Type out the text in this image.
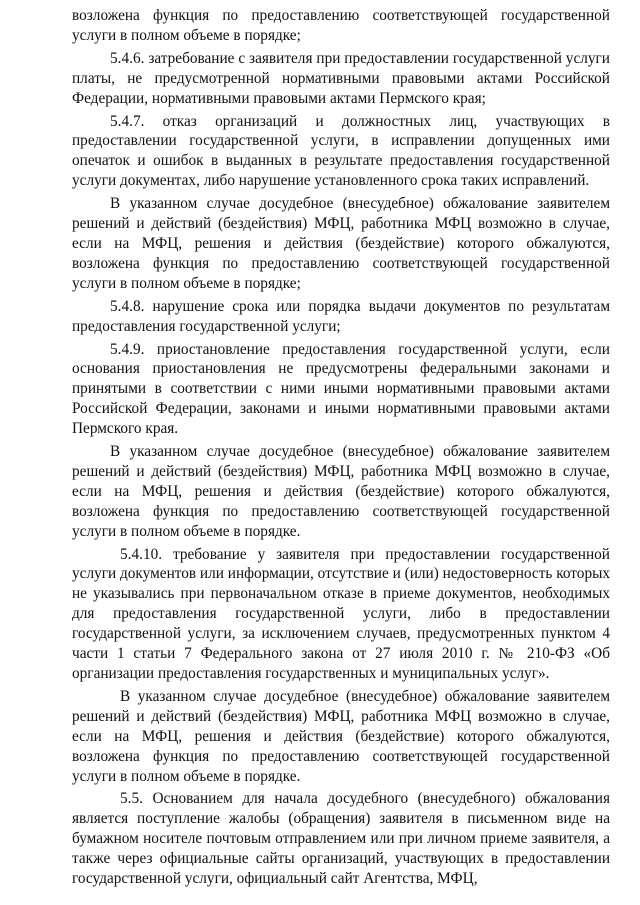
возложена функция по предоставлению соответствующей государственной услуги в полном объеме в порядке;

5.4.6. затребование с заявителя при предоставлении государственной услуги платы, не предусмотренной нормативными правовыми актами Российской Федерации, нормативными правовыми актами Пермского края;

5.4.7. отказ организаций и должностных лиц, участвующих в предоставлении государственной услуги, в исправлении допущенных ими опечаток и ошибок в выданных в результате предоставления государственной услуги документах, либо нарушение установленного срока таких исправлений.

В указанном случае досудебное (внесудебное) обжалование заявителем решений и действий (бездействия) МФЦ, работника МФЦ возможно в случае, если на МФЦ, решения и действия (бездействие) которого обжалуются, возложена функция по предоставлению соответствующей государственной услуги в полном объеме в порядке;

5.4.8. нарушение срока или порядка выдачи документов по результатам предоставления государственной услуги;

5.4.9. приостановление предоставления государственной услуги, если основания приостановления не предусмотрены федеральными законами и принятыми в соответствии с ними иными нормативными правовыми актами Российской Федерации, законами и иными нормативными правовыми актами Пермского края.

В указанном случае досудебное (внесудебное) обжалование заявителем решений и действий (бездействия) МФЦ, работника МФЦ возможно в случае, если на МФЦ, решения и действия (бездействие) которого обжалуются, возложена функция по предоставлению соответствующей государственной услуги в полном объеме в порядке.

5.4.10. требование у заявителя при предоставлении государственной услуги документов или информации, отсутствие и (или) недостоверность которых не указывались при первоначальном отказе в приеме документов, необходимых для предоставления государственной услуги, либо в предоставлении государственной услуги, за исключением случаев, предусмотренных пунктом 4 части 1 статьи 7 Федерального закона от 27 июля 2010 г. № 210-ФЗ «Об организации предоставления государственных и муниципальных услуг».

В указанном случае досудебное (внесудебное) обжалование заявителем решений и действий (бездействия) МФЦ, работника МФЦ возможно в случае, если на МФЦ, решения и действия (бездействие) которого обжалуются, возложена функция по предоставлению соответствующей государственной услуги в полном объеме в порядке.

5.5. Основанием для начала досудебного (внесудебного) обжалования является поступление жалобы (обращения) заявителя в письменном виде на бумажном носителе почтовым отправлением или при личном приеме заявителя, а также через официальные сайты организаций, участвующих в предоставлении государственной услуги, официальный сайт Агентства, МФЦ,
